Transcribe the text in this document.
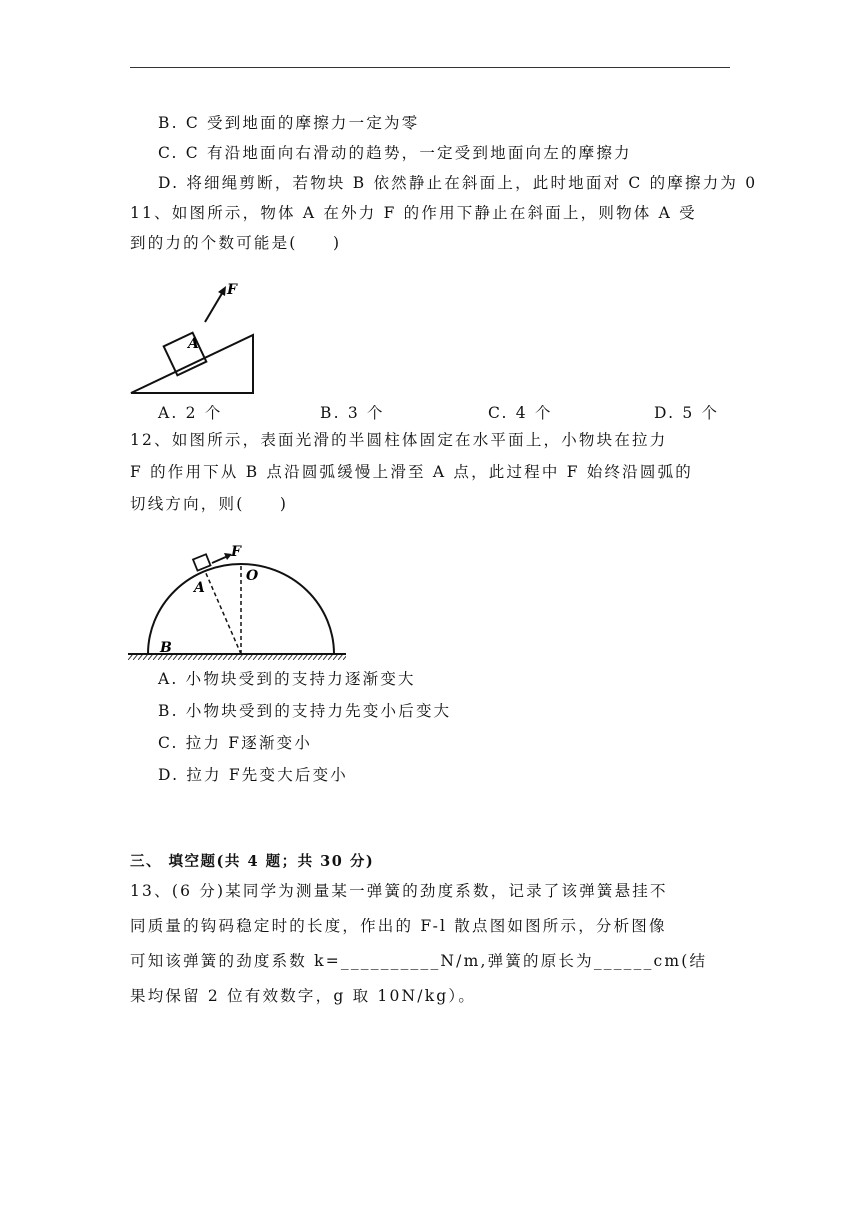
B. C 受到地面的摩擦力一定为零
C. C 有沿地面向右滑动的趋势，一定受到地面向左的摩擦力
D. 将细绳剪断，若物块 B 依然静止在斜面上，此时地面对 C 的摩擦力为 0
11、如图所示，物体 A 在外力 F 的作用下静止在斜面上，则物体 A 受
到的力的个数可能是(　　)
F
A
A. 2 个	B. 3 个	C. 4 个	D. 5 个
12、如图所示，表面光滑的半圆柱体固定在水平面上，小物块在拉力
F 的作用下从 B 点沿圆弧缓慢上滑至 A 点，此过程中 F 始终沿圆弧的
切线方向，则(　　)
F
A
O
B
A. 小物块受到的支持力逐渐变大
B. 小物块受到的支持力先变小后变大
C. 拉力 F逐渐变小
D. 拉力 F先变大后变小
三、 填空题(共 4 题；共 30 分)
13、(6 分)某同学为测量某一弹簧的劲度系数，记录了该弹簧悬挂不
同质量的钩码稳定时的长度，作出的 F-l 散点图如图所示，分析图像
可知该弹簧的劲度系数 k=__________N/m,弹簧的原长为______cm(结
果均保留 2 位有效数字，g 取 10N/kg）。
